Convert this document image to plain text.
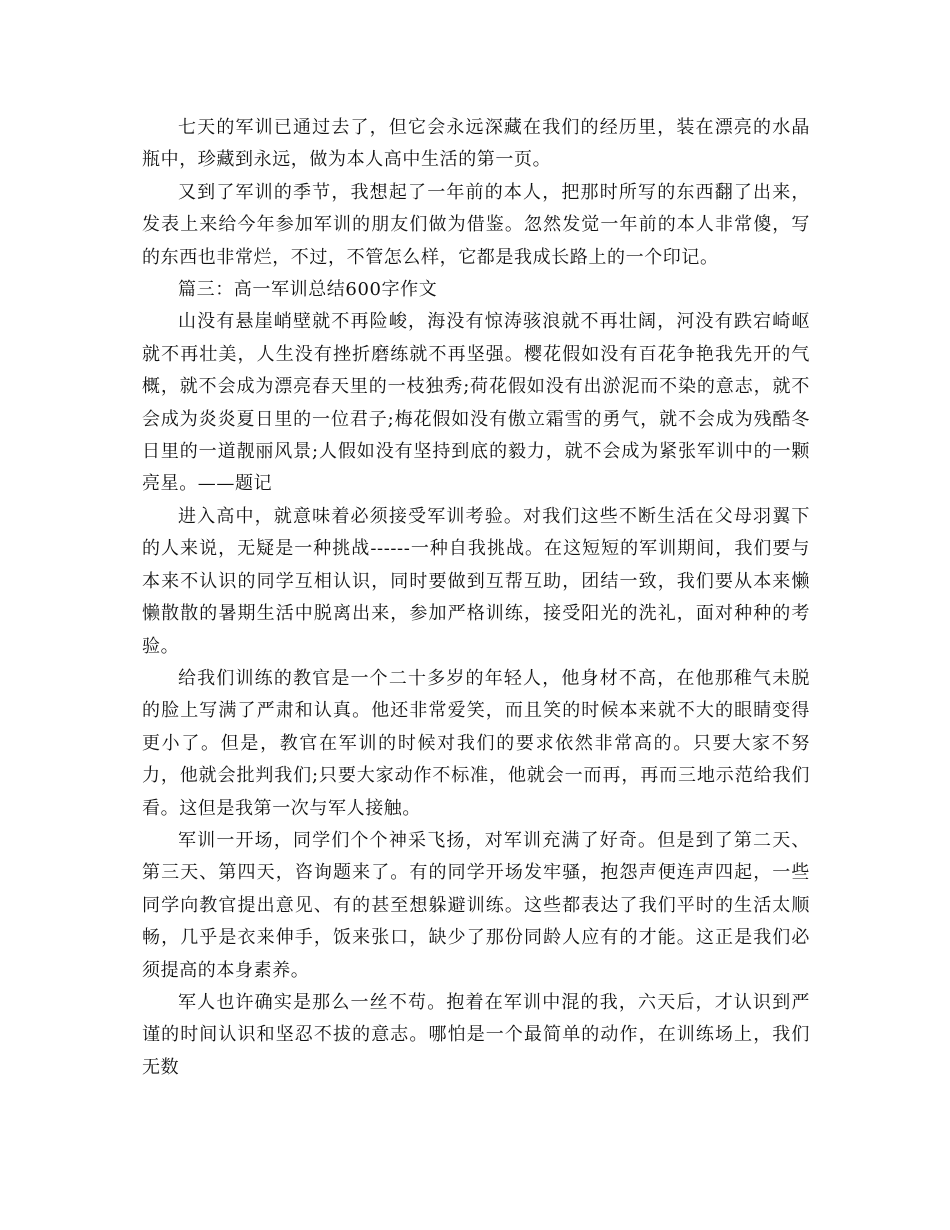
七天的军训已通过去了，但它会永远深藏在我们的经历里，装在漂亮的水晶瓶中，珍藏到永远，做为本人高中生活的第一页。

又到了军训的季节，我想起了一年前的本人，把那时所写的东西翻了出来，发表上来给今年参加军训的朋友们做为借鉴。忽然发觉一年前的本人非常傻，写的东西也非常烂，不过，不管怎么样，它都是我成长路上的一个印记。

篇三：高一军训总结600字作文

山没有悬崖峭壁就不再险峻，海没有惊涛骇浪就不再壮阔，河没有跌宕崎岖就不再壮美，人生没有挫折磨练就不再坚强。樱花假如没有百花争艳我先开的气概，就不会成为漂亮春天里的一枝独秀;荷花假如没有出淤泥而不染的意志，就不会成为炎炎夏日里的一位君子;梅花假如没有傲立霜雪的勇气，就不会成为残酷冬日里的一道靓丽风景;人假如没有坚持到底的毅力，就不会成为紧张军训中的一颗亮星。——题记

进入高中，就意味着必须接受军训考验。对我们这些不断生活在父母羽翼下的人来说，无疑是一种挑战------一种自我挑战。在这短短的军训期间，我们要与本来不认识的同学互相认识，同时要做到互帮互助，团结一致，我们要从本来懒懒散散的暑期生活中脱离出来，参加严格训练，接受阳光的洗礼，面对种种的考验。

给我们训练的教官是一个二十多岁的年轻人，他身材不高，在他那稚气未脱的脸上写满了严肃和认真。他还非常爱笑，而且笑的时候本来就不大的眼睛变得更小了。但是，教官在军训的时候对我们的要求依然非常高的。只要大家不努力，他就会批判我们;只要大家动作不标准，他就会一而再，再而三地示范给我们看。这但是我第一次与军人接触。

军训一开场，同学们个个神采飞扬，对军训充满了好奇。但是到了第二天、第三天、第四天，咨询题来了。有的同学开场发牢骚，抱怨声便连声四起，一些同学向教官提出意见、有的甚至想躲避训练。这些都表达了我们平时的生活太顺畅，几乎是衣来伸手，饭来张口，缺少了那份同龄人应有的才能。这正是我们必须提高的本身素养。

军人也许确实是那么一丝不苟。抱着在军训中混的我，六天后，才认识到严谨的时间认识和坚忍不拔的意志。哪怕是一个最简单的动作，在训练场上，我们无数
